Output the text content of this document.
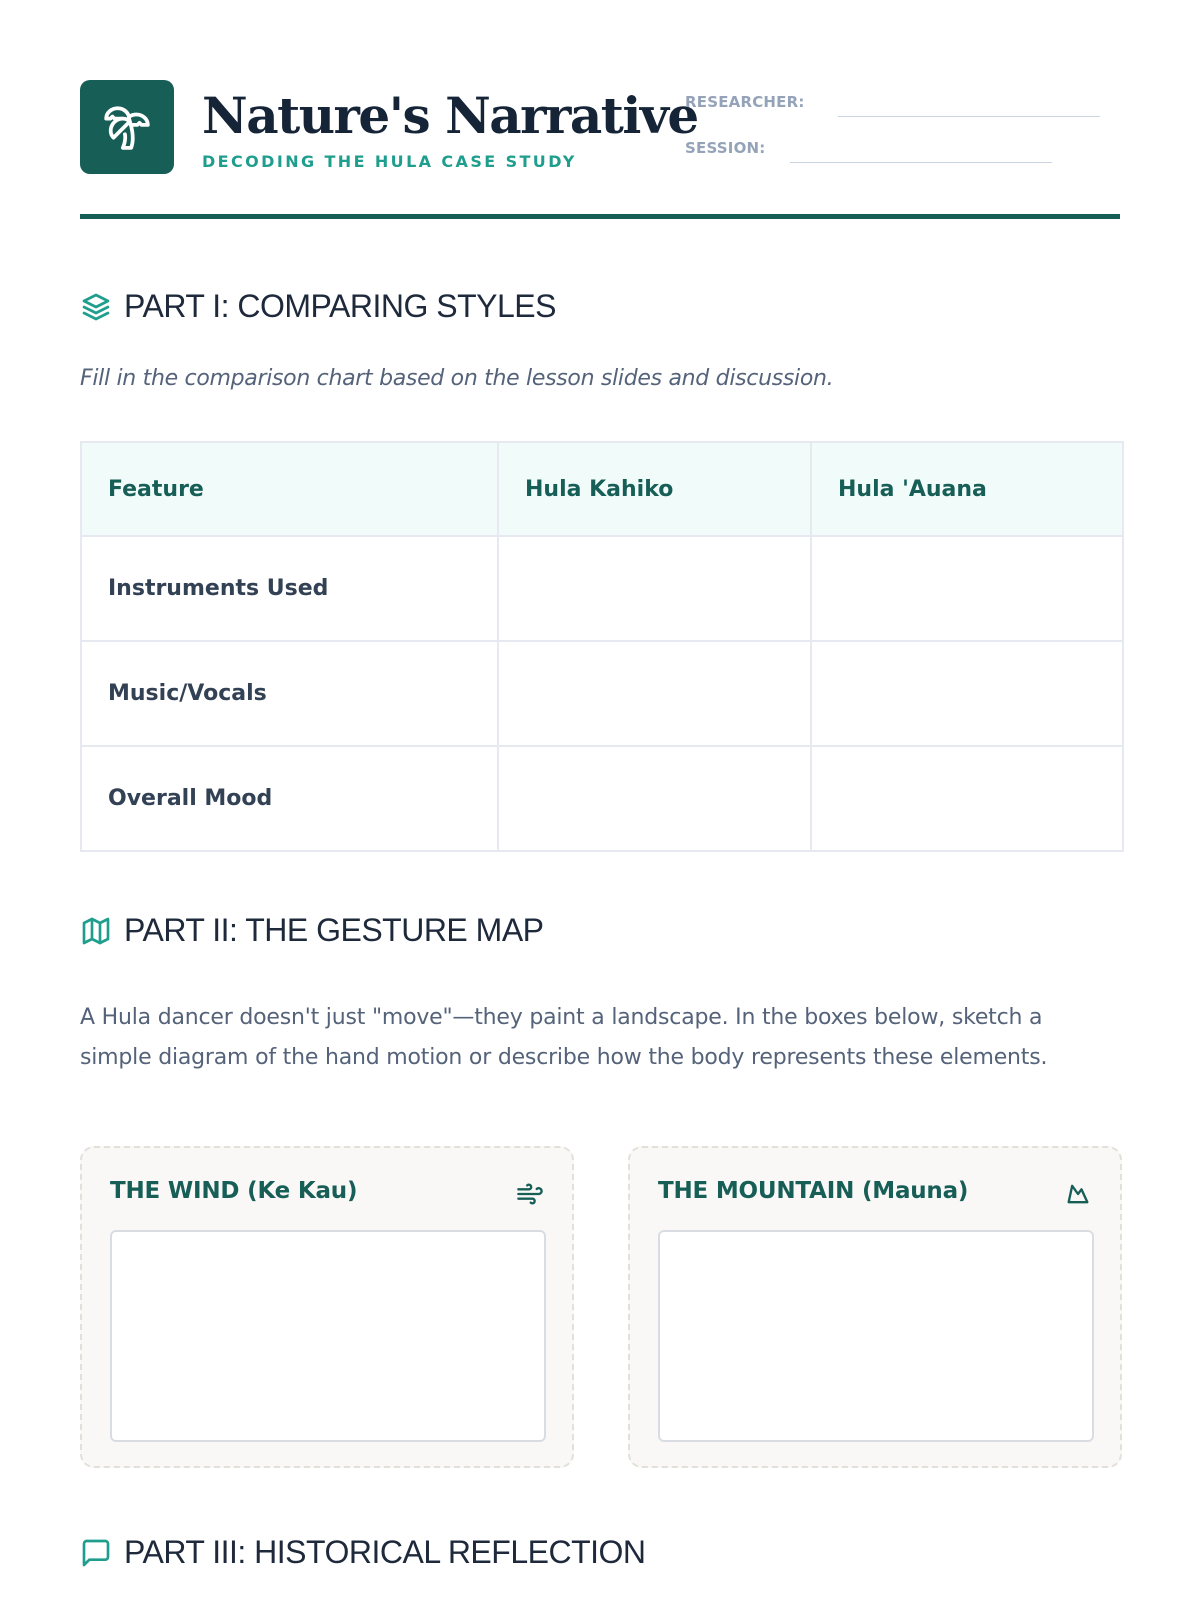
Nature's Narrative
DECODING THE HULA CASE STUDY
RESEARCHER:
SESSION:
PART I: COMPARING STYLES
Fill in the comparison chart based on the lesson slides and discussion.
Feature	Hula Kahiko	Hula 'Auana
Instruments Used		
Music/Vocals		
Overall Mood		
PART II: THE GESTURE MAP
A Hula dancer doesn't just "move"—they paint a landscape. In the boxes below, sketch a simple diagram of the hand motion or describe how the body represents these elements.
THE WIND (Ke Kau)	THE MOUNTAIN (Mauna)
PART III: HISTORICAL REFLECTION
